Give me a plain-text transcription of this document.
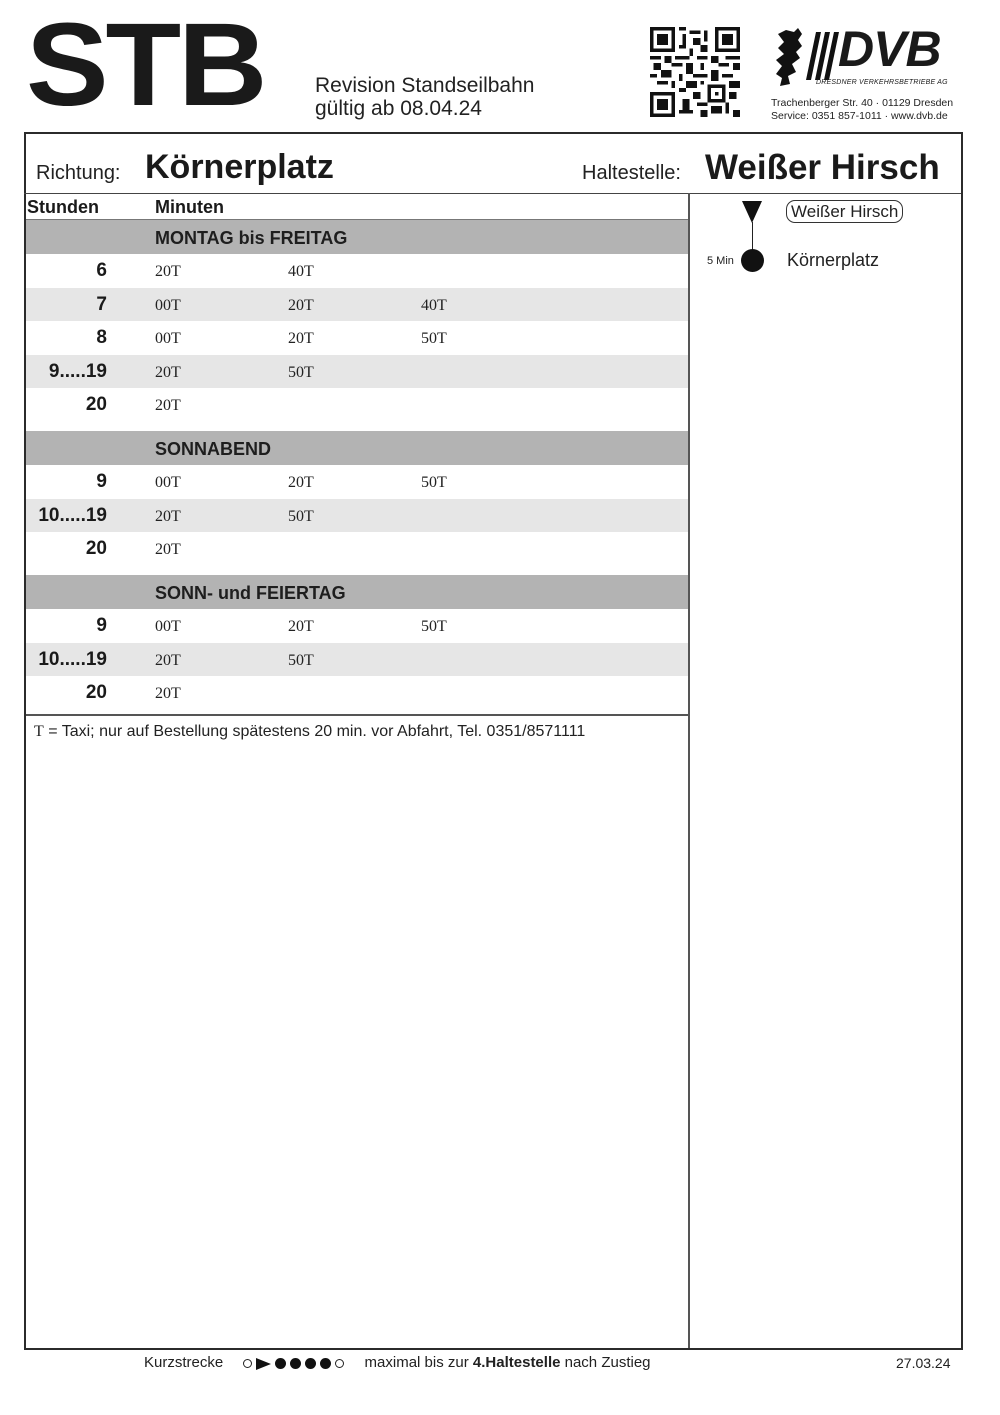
STB Revision Standseilbahn
gültig ab 08.04.24
DVB
DRESDNER VERKEHRSBETRIEBE AG
Trachenberger Str. 40 · 01129 Dresden
Service: 0351 857-1011 · www.dvb.de
Richtung: Körnerplatz	Haltestelle: Weißer Hirsch
Stunden	Minuten
MONTAG bis FREITAG
6	20T	40T
7	00T	20T	40T
8	00T	20T	50T
9.....19	20T	50T
20	20T
SONNABEND
9	00T	20T	50T
10.....19	20T	50T
20	20T
SONN- und FEIERTAG
9	00T	20T	50T
10.....19	20T	50T
20	20T
T = Taxi; nur auf Bestellung spätestens 20 min. vor Abfahrt, Tel. 0351/8571111
5 Min
Weißer Hirsch
Körnerplatz
Kurzstrecke	maximal bis zur 4.Haltestelle nach Zustieg	27.03.24
